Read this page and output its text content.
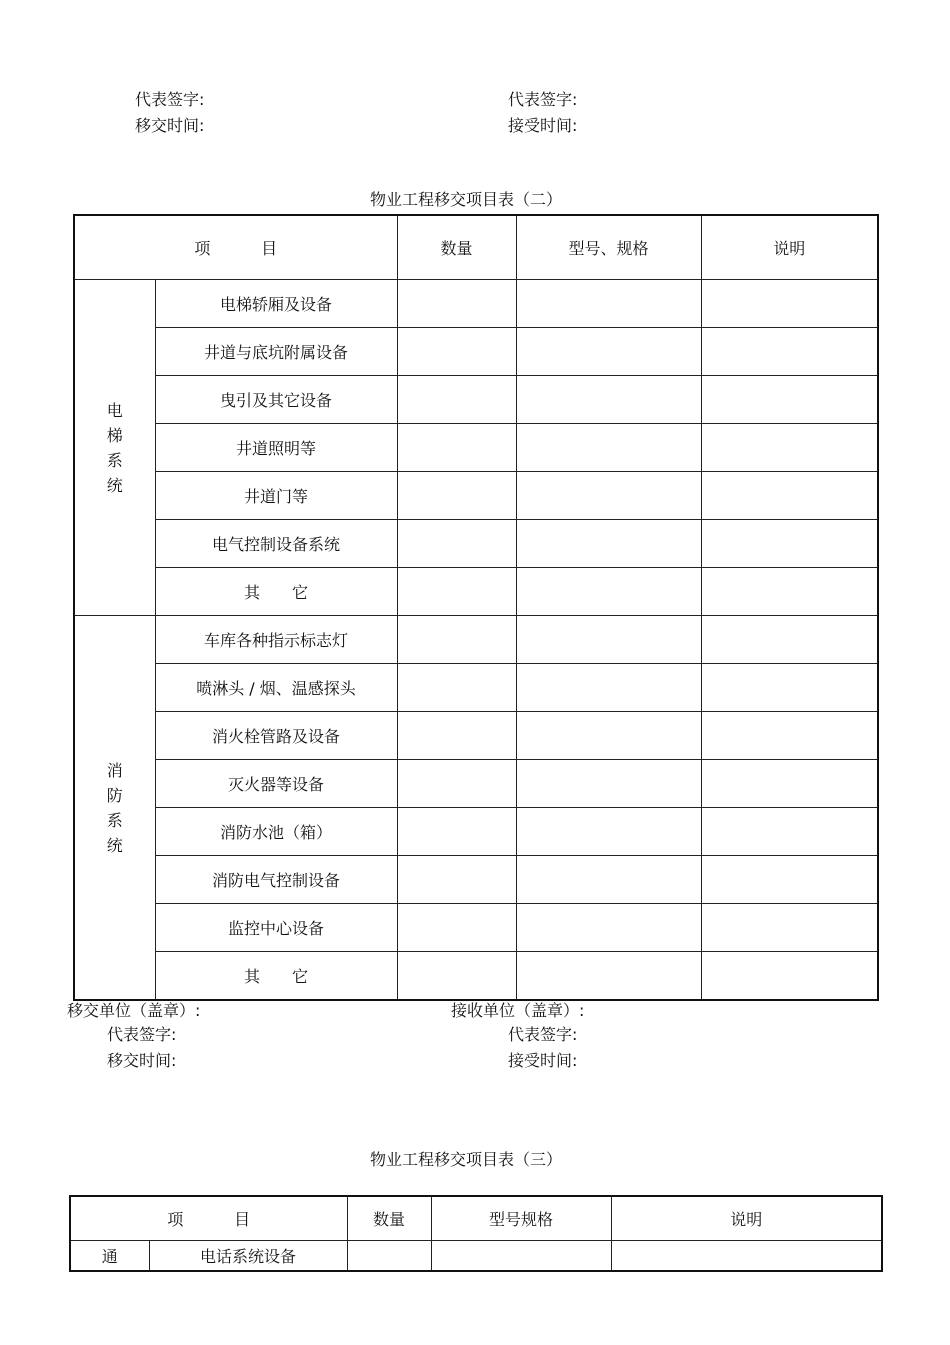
代表签字:
移交时间:
代表签字:
接受时间:
物业工程移交项目表（二）
项          目		数量	型号、规格	说明

电
梯
系
统	电梯轿厢及设备			
	井道与底坑附属设备			
	曳引及其它设备			
	井道照明等			
	井道门等			
	电气控制设备系统			
	其　　它			

消
防
系
统	车库各种指示标志灯			
	喷淋头 / 烟、温感探头			
	消火栓管路及设备			
	灭火器等设备			
	消防水池（箱）			
	消防电气控制设备			
	监控中心设备			
	其　　它			
移交单位（盖章）:
代表签字:
移交时间:
接收单位（盖章）:
代表签字:
接受时间:
物业工程移交项目表（三）
项          目		数量	型号规格	说明
通	电话系统设备			
